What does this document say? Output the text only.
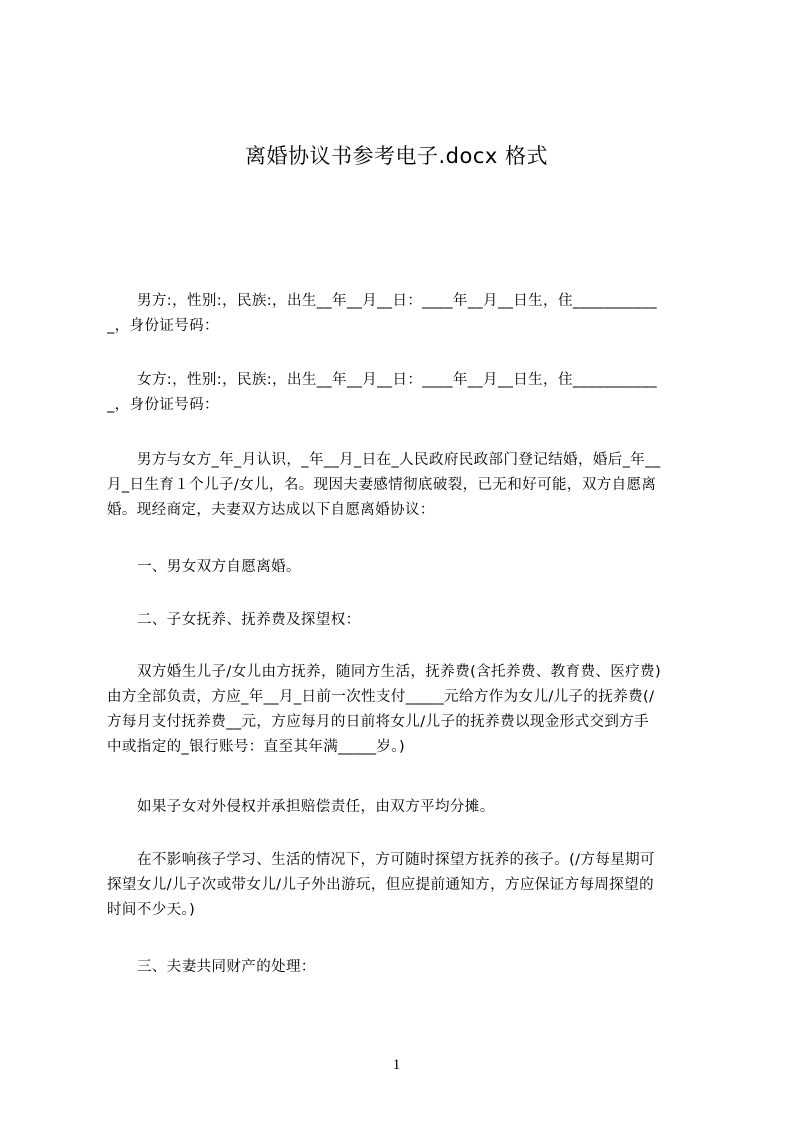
离婚协议书参考电子.docx 格式
男方:，性别:，民族:，出生__年__月__日：____年__月__日生，住___________
_，身份证号码：
女方:，性别:，民族:，出生__年__月__日：____年__月__日生，住___________
_，身份证号码：
男方与女方_年_月认识，_年__月_日在_人民政府民政部门登记结婚，婚后_年__
月_日生育１个儿子/女儿，名。现因夫妻感情彻底破裂，已无和好可能，双方自愿离
婚。现经商定，夫妻双方达成以下自愿离婚协议：
一、男女双方自愿离婚。
二、子女抚养、抚养费及探望权：
双方婚生儿子/女儿由方抚养，随同方生活，抚养费(含托养费、教育费、医疗费)
由方全部负责，方应_年__月_日前一次性支付_____元给方作为女儿/儿子的抚养费(/
方每月支付抚养费__元，方应每月的日前将女儿/儿子的抚养费以现金形式交到方手
中或指定的_银行账号：直至其年满_____岁。)
如果子女对外侵权并承担赔偿责任，由双方平均分摊。
在不影响孩子学习、生活的情况下，方可随时探望方抚养的孩子。(/方每星期可
探望女儿/儿子次或带女儿/儿子外出游玩，但应提前通知方，方应保证方每周探望的
时间不少天。)
三、夫妻共同财产的处理：
1
